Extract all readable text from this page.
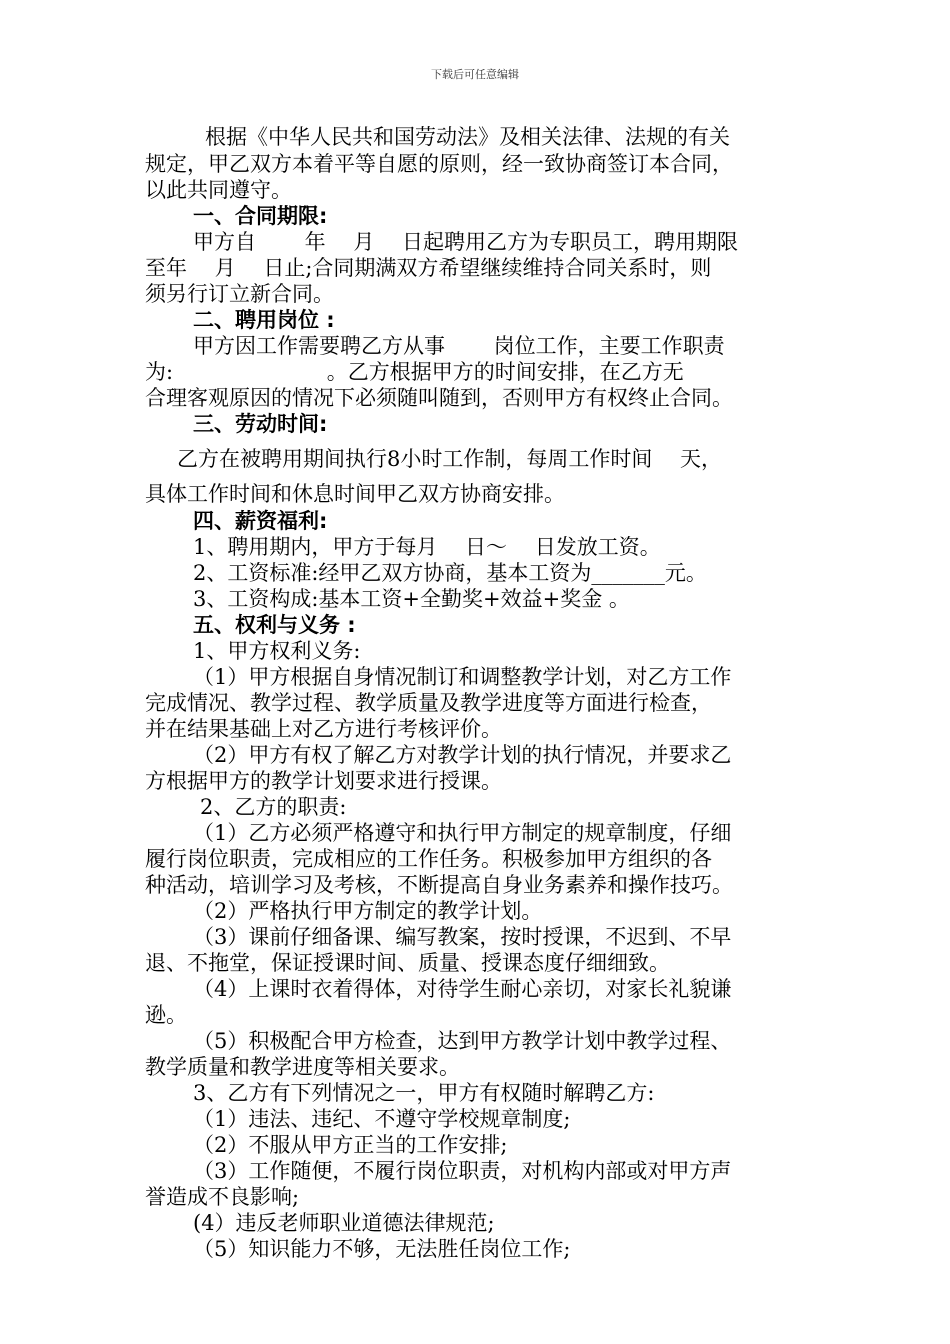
下载后可任意编辑
根据《中华人民共和国劳动法》及相关法律、法规的有关
规定，甲乙双方本着平等自愿的原则，经一致协商签订本合同，
以此共同遵守。
一、合同期限:
甲方自　　 年　 月　 日起聘用乙方为专职员工，聘用期限
至年　 月　 日止;合同期满双方希望继续维持合同关系时，则
须另行订立新合同。
二、聘用岗位 :
甲方因工作需要聘乙方从事　　 岗位工作，主要工作职责
为:　　　　　　　 。乙方根据甲方的时间安排，在乙方无
合理客观原因的情况下必须随叫随到，否则甲方有权终止合同。
三、劳动时间:
乙方在被聘用期间执行8小时工作制，每周工作时间　 天，
具体工作时间和休息时间甲乙双方协商安排。
四、薪资福利:
1、聘用期内，甲方于每月　 日～　 日发放工资。
2、工资标准:经甲乙双方协商，基本工资为_______元。
3、工资构成:基本工资+全勤奖+效益+奖金 。
五、权利与义务 :
1、甲方权利义务:
（1）甲方根据自身情况制订和调整教学计划，对乙方工作
完成情况、教学过程、教学质量及教学进度等方面进行检查，
并在结果基础上对乙方进行考核评价。
（2）甲方有权了解乙方对教学计划的执行情况，并要求乙
方根据甲方的教学计划要求进行授课。
2、乙方的职责:
（1）乙方必须严格遵守和执行甲方制定的规章制度，仔细
履行岗位职责，完成相应的工作任务。积极参加甲方组织的各
种活动，培训学习及考核，不断提高自身业务素养和操作技巧。
（2）严格执行甲方制定的教学计划。
（3）课前仔细备课、编写教案，按时授课，不迟到、不早
退、不拖堂，保证授课时间、质量、授课态度仔细细致。
（4）上课时衣着得体，对待学生耐心亲切，对家长礼貌谦
逊。
（5）积极配合甲方检查，达到甲方教学计划中教学过程、
教学质量和教学进度等相关要求。
3、乙方有下列情况之一，甲方有权随时解聘乙方:
（1）违法、违纪、不遵守学校规章制度;
（2）不服从甲方正当的工作安排;
（3）工作随便，不履行岗位职责，对机构内部或对甲方声
誉造成不良影响;
(4）违反老师职业道德法律规范;
（5）知识能力不够，无法胜任岗位工作;
